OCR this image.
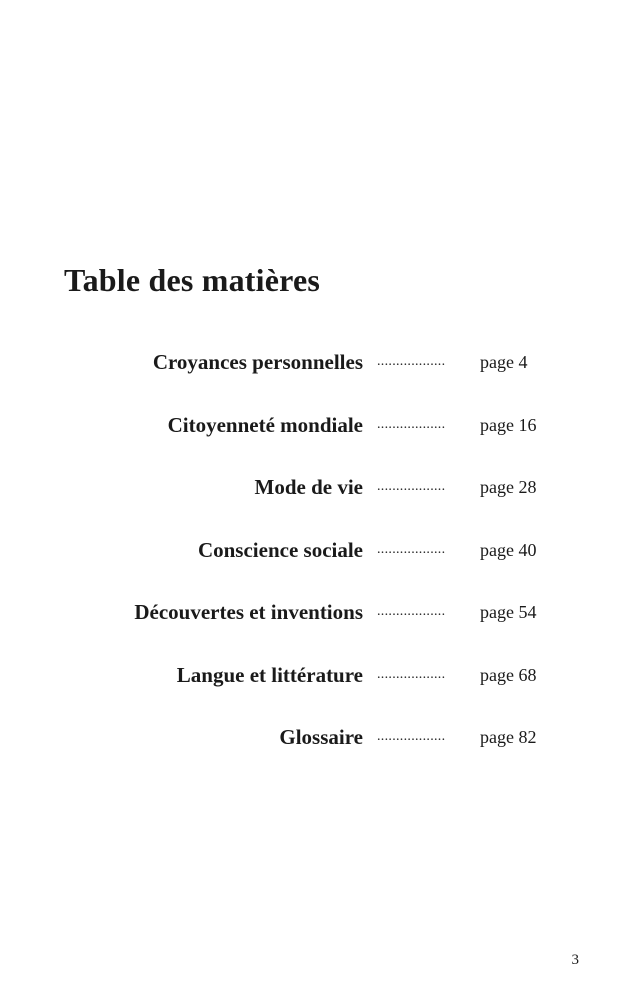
Table des matières
Croyances personnelles ..................	page 4
Citoyenneté mondiale ..................	page 16
Mode de vie ..................	page 28
Conscience sociale ..................	page 40
Découvertes et inventions ..................	page 54
Langue et littérature ..................	page 68
Glossaire ..................	page 82
3
